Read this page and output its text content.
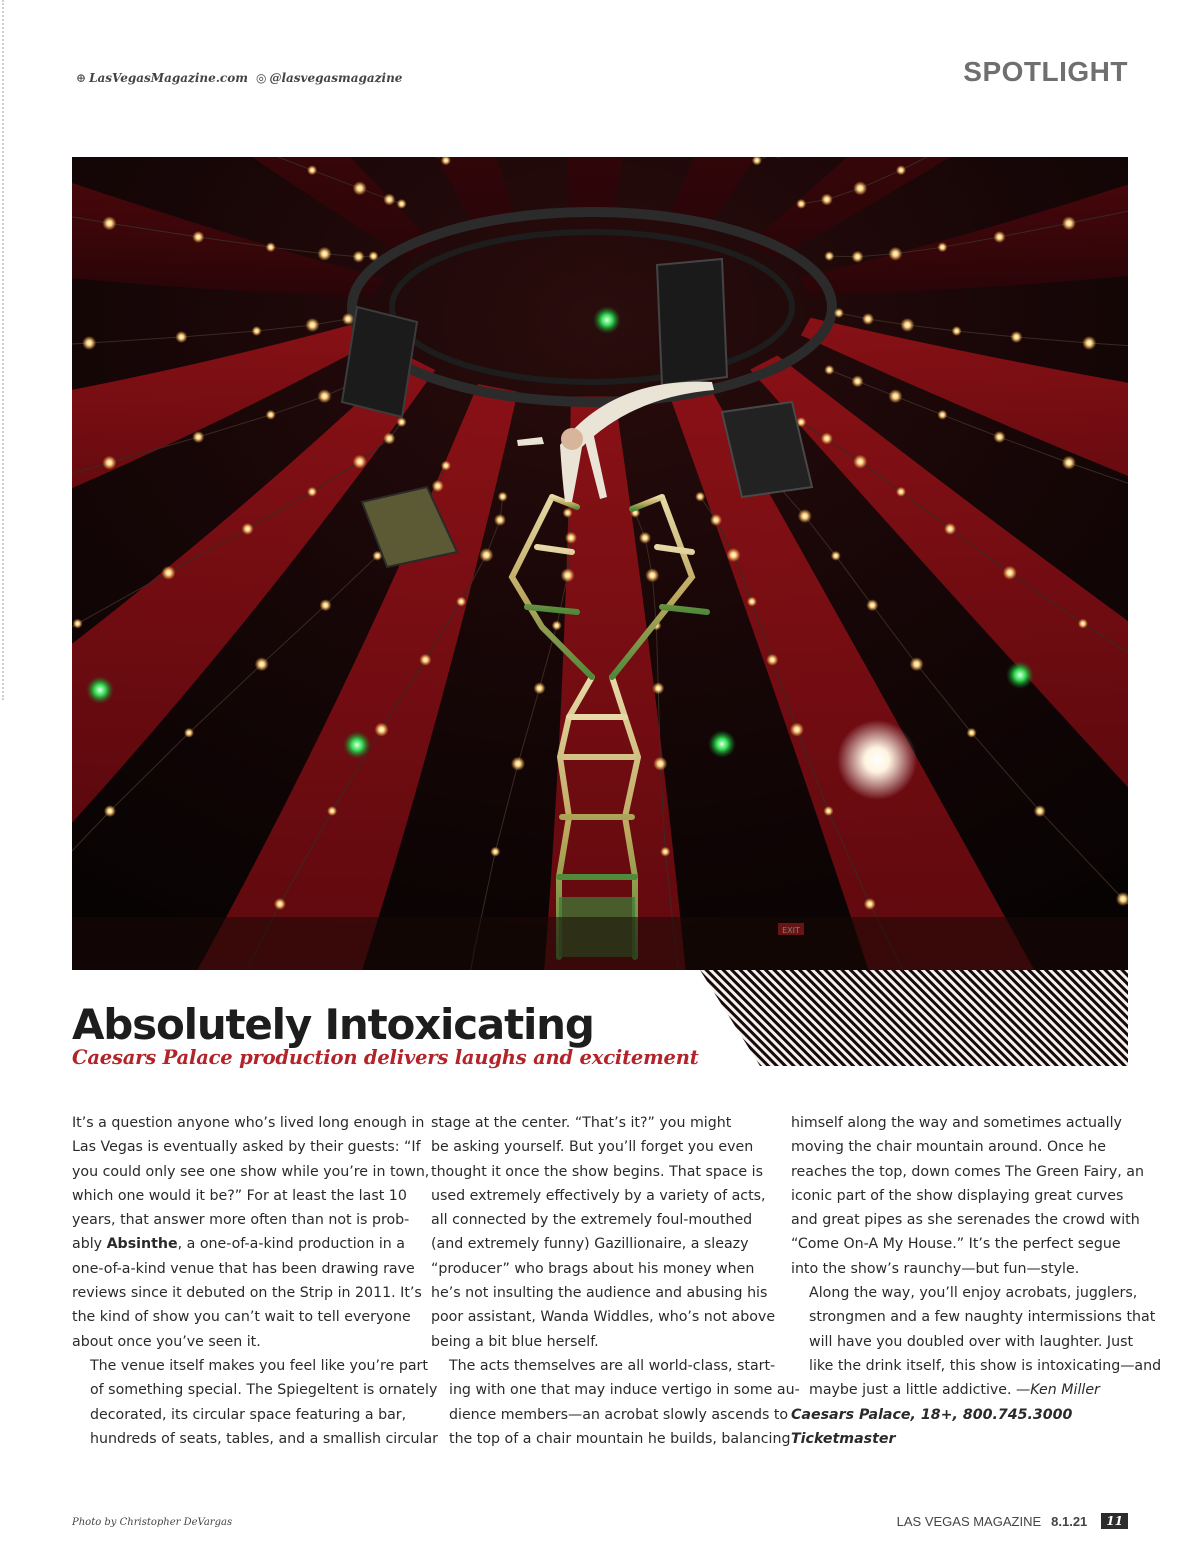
⊕ LasVegasMagazine.com ◎ @lasvegasmagazine	SPOTLIGHT
Absolutely Intoxicating
Caesars Palace production delivers laughs and excitement

It’s a question anyone who’s lived long enough in
Las Vegas is eventually asked by their guests: “If
you could only see one show while you’re in town,
which one would it be?” For at least the last 10
years, that answer more often than not is prob-
ably Absinthe, a one-of-a-kind production in a
one-of-a-kind venue that has been drawing rave
reviews since it debuted on the Strip in 2011. It’s
the kind of show you can’t wait to tell everyone
about once you’ve seen it.

The venue itself makes you feel like you’re part
of something special. The Spiegeltent is ornately
decorated, its circular space featuring a bar,
hundreds of seats, tables, and a smallish circular

stage at the center. “That’s it?” you might
be asking yourself. But you’ll forget you even
thought it once the show begins. That space is
used extremely effectively by a variety of acts,
all connected by the extremely foul-mouthed
(and extremely funny) Gazillionaire, a sleazy
“producer” who brags about his money when
he’s not insulting the audience and abusing his
poor assistant, Wanda Widdles, who’s not above
being a bit blue herself.

The acts themselves are all world-class, start-
ing with one that may induce vertigo in some au-
dience members—an acrobat slowly ascends to
the top of a chair mountain he builds, balancing

himself along the way and sometimes actually
moving the chair mountain around. Once he
reaches the top, down comes The Green Fairy, an
iconic part of the show displaying great curves
and great pipes as she serenades the crowd with
“Come On-A My House.” It’s the perfect segue
into the show’s raunchy—but fun—style.

Along the way, you’ll enjoy acrobats, jugglers,
strongmen and a few naughty intermissions that
will have you doubled over with laughter. Just
like the drink itself, this show is intoxicating—and
maybe just a little addictive. —Ken Miller

Caesars Palace, 18+, 800.745.3000
Ticketmaster

Photo by Christopher DeVargas	LAS VEGAS MAGAZINE 8.1.21	11
